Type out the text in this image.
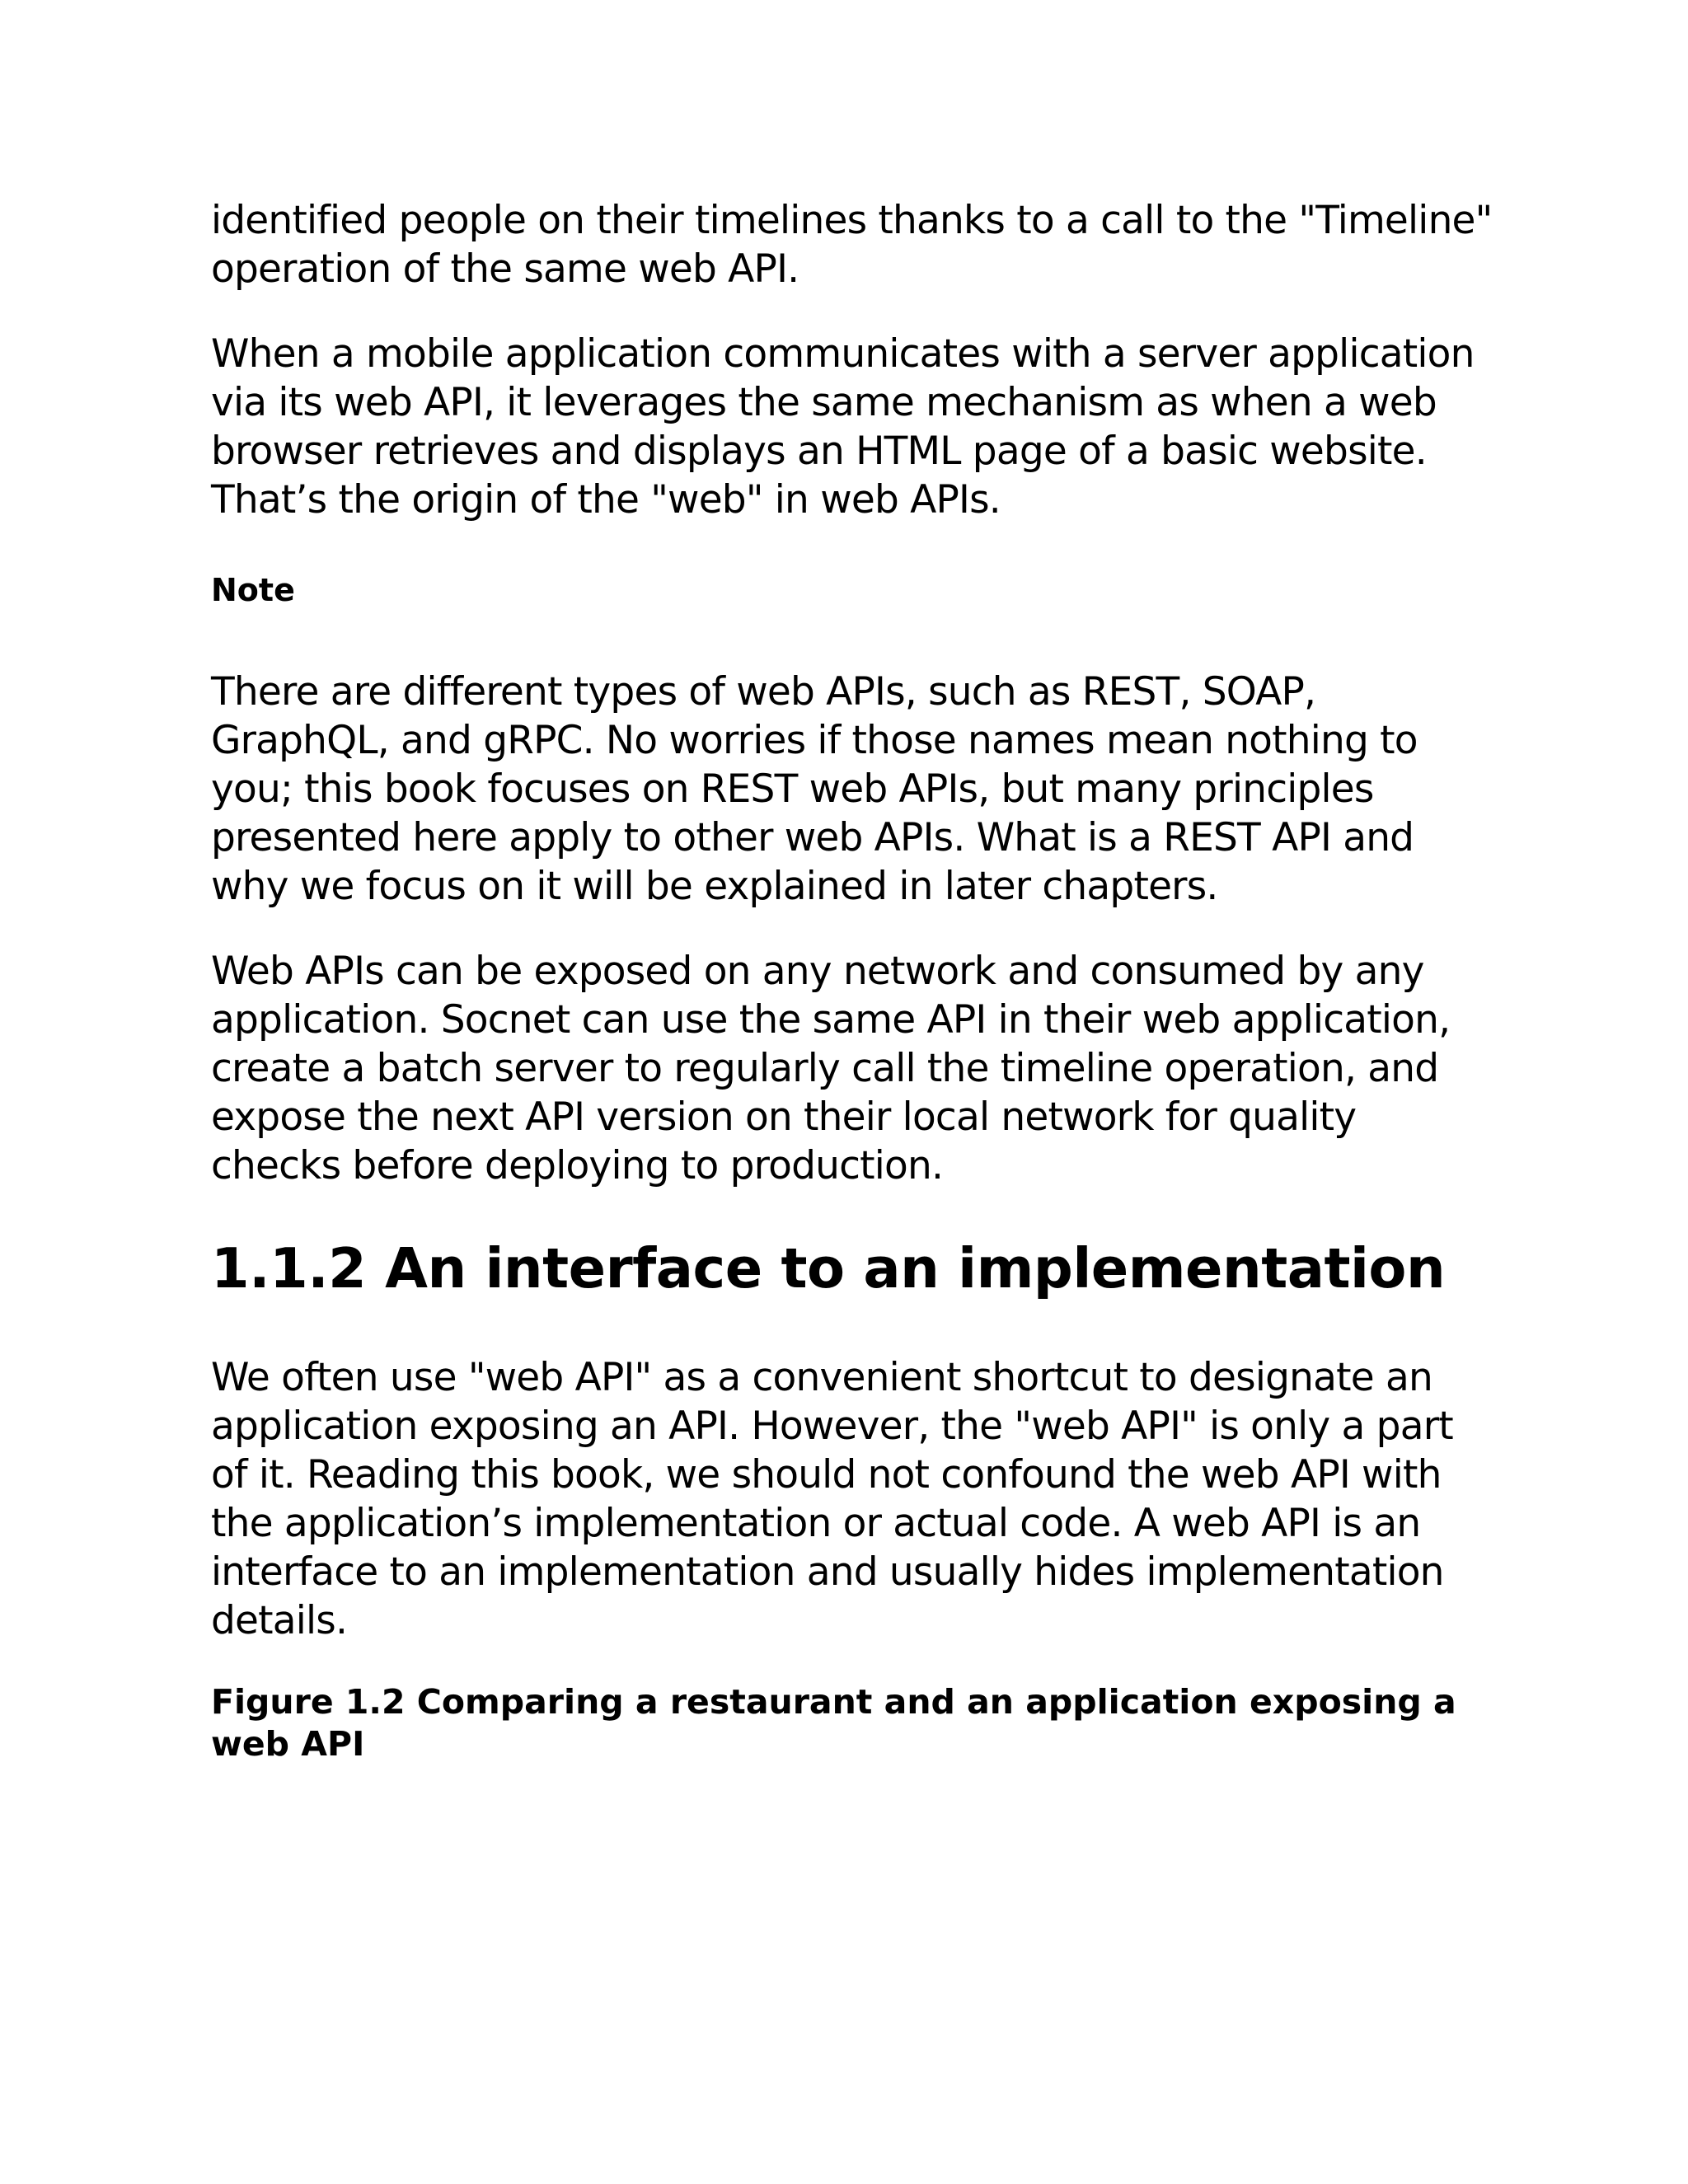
identified people on their timelines thanks to a call to the "Timeline" operation of the same web API.

When a mobile application communicates with a server application via its web API, it leverages the same mechanism as when a web browser retrieves and displays an HTML page of a basic website. That’s the origin of the "web" in web APIs.

Note

There are different types of web APIs, such as REST, SOAP, GraphQL, and gRPC. No worries if those names mean nothing to you; this book focuses on REST web APIs, but many principles presented here apply to other web APIs. What is a REST API and why we focus on it will be explained in later chapters.

Web APIs can be exposed on any network and consumed by any application. Socnet can use the same API in their web application, create a batch server to regularly call the timeline operation, and expose the next API version on their local network for quality checks before deploying to production.

1.1.2 An interface to an implementation

We often use "web API" as a convenient shortcut to designate an application exposing an API. However, the "web API" is only a part of it. Reading this book, we should not confound the web API with the application’s implementation or actual code. A web API is an interface to an implementation and usually hides implementation details.

Figure 1.2 Comparing a restaurant and an application exposing a web API
